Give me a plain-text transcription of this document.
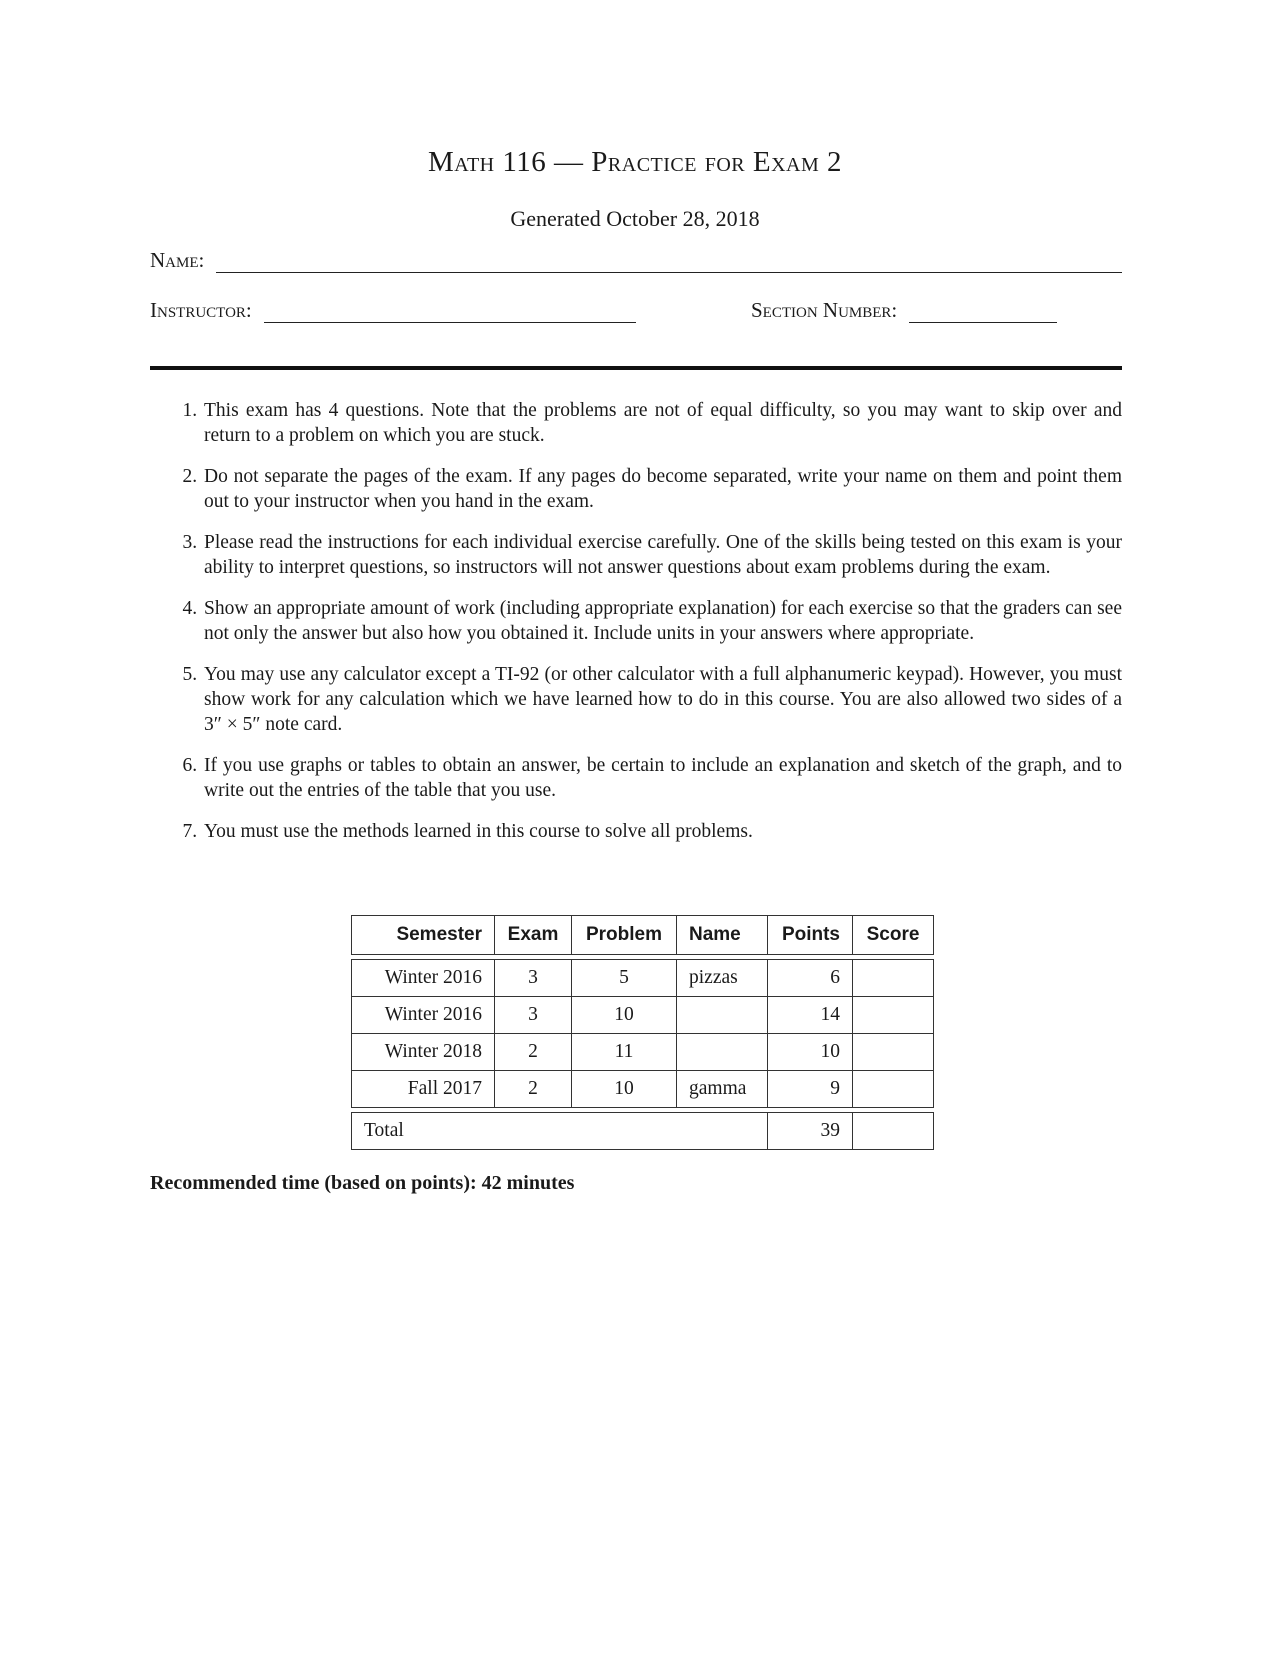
Math 116 — Practice for Exam 2
Generated October 28, 2018
Name:
Instructor:	Section Number:
1. This exam has 4 questions. Note that the problems are not of equal difficulty, so you may want to skip over and return to a problem on which you are stuck.
2. Do not separate the pages of the exam. If any pages do become separated, write your name on them and point them out to your instructor when you hand in the exam.
3. Please read the instructions for each individual exercise carefully. One of the skills being tested on this exam is your ability to interpret questions, so instructors will not answer questions about exam problems during the exam.
4. Show an appropriate amount of work (including appropriate explanation) for each exercise so that the graders can see not only the answer but also how you obtained it. Include units in your answers where appropriate.
5. You may use any calculator except a TI-92 (or other calculator with a full alphanumeric keypad). However, you must show work for any calculation which we have learned how to do in this course. You are also allowed two sides of a 3″ × 5″ note card.
6. If you use graphs or tables to obtain an answer, be certain to include an explanation and sketch of the graph, and to write out the entries of the table that you use.
7. You must use the methods learned in this course to solve all problems.
Semester	Exam	Problem	Name	Points	Score

Winter 2016	3	5	pizzas	6	
Winter 2016	3	10		14	
Winter 2018	2	11		10	
Fall 2017	2	10	gamma	9	

Total				39	
Recommended time (based on points): 42 minutes
